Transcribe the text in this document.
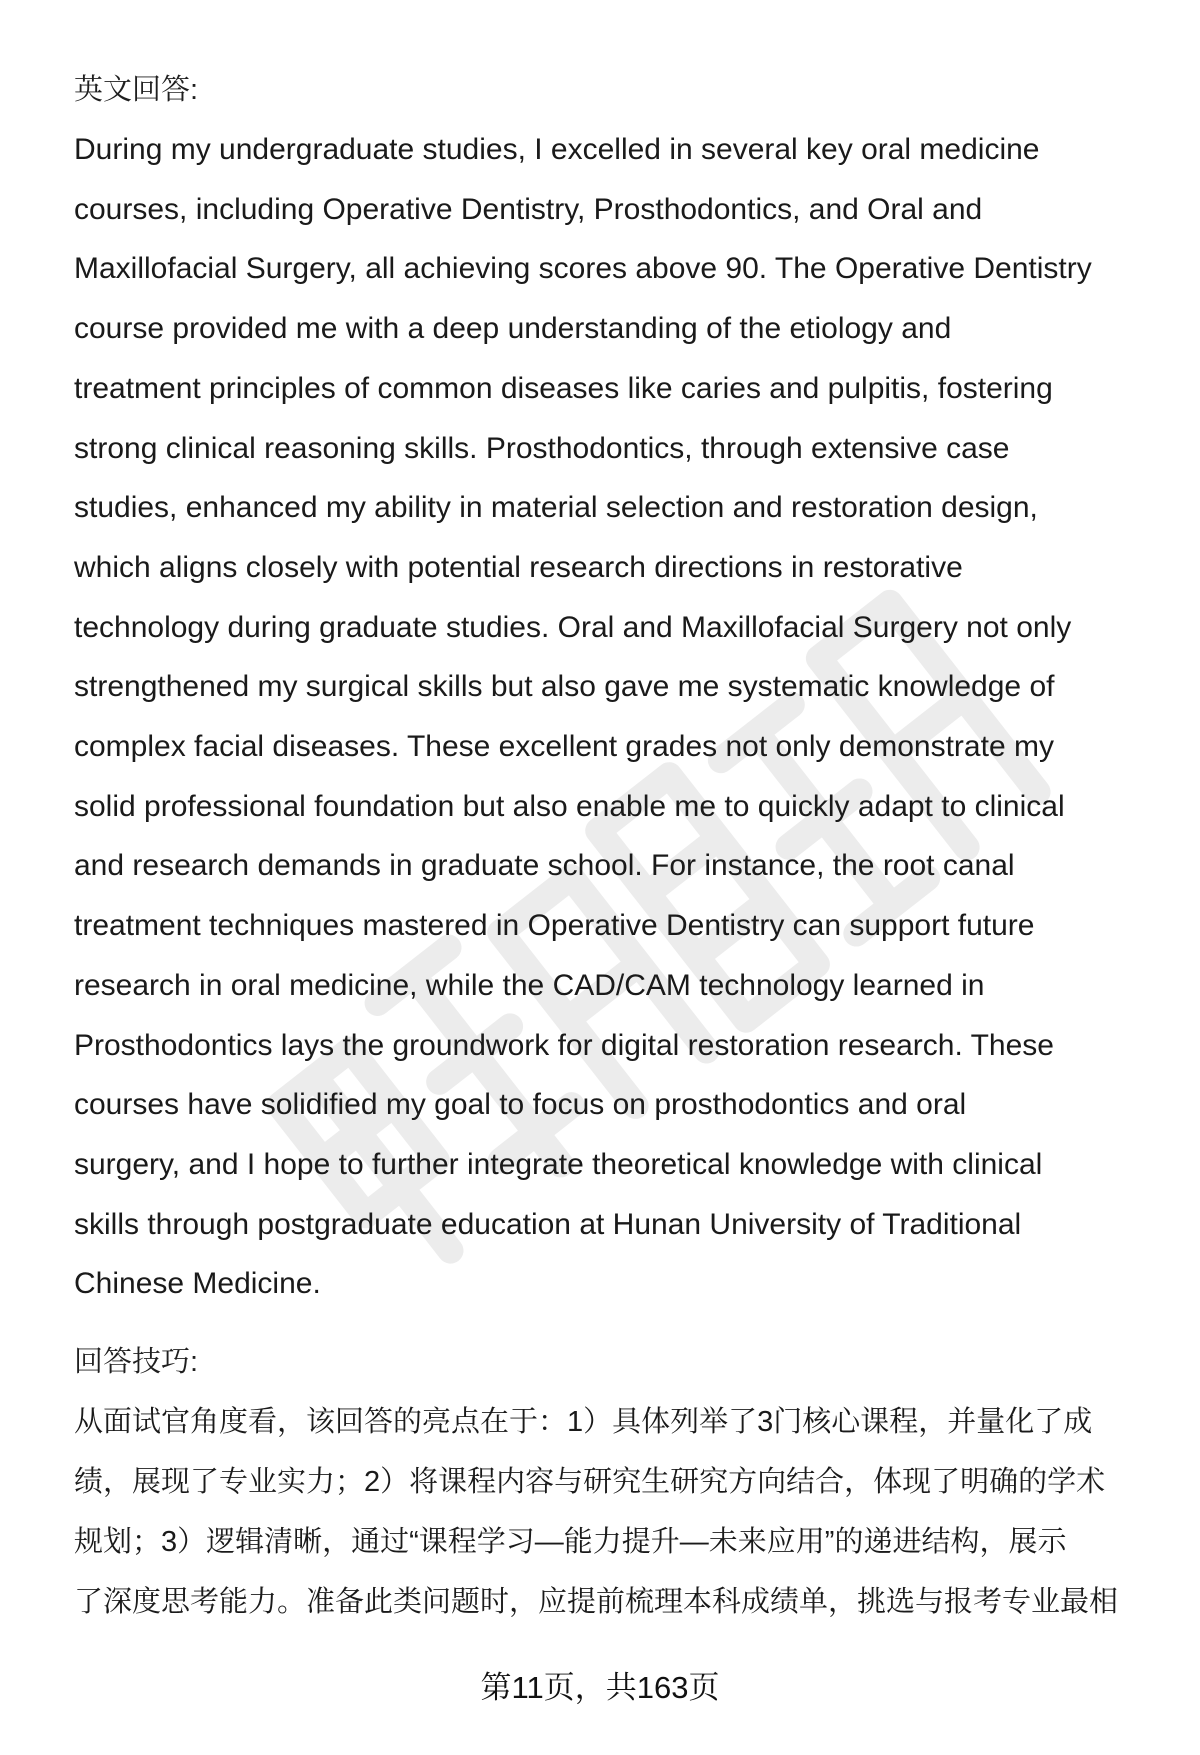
英文回答:

During my undergraduate studies, I excelled in several key oral medicine
courses, including Operative Dentistry, Prosthodontics, and Oral and
Maxillofacial Surgery, all achieving scores above 90. The Operative Dentistry
course provided me with a deep understanding of the etiology and
treatment principles of common diseases like caries and pulpitis, fostering
strong clinical reasoning skills. Prosthodontics, through extensive case
studies, enhanced my ability in material selection and restoration design,
which aligns closely with potential research directions in restorative
technology during graduate studies. Oral and Maxillofacial Surgery not only
strengthened my surgical skills but also gave me systematic knowledge of
complex facial diseases. These excellent grades not only demonstrate my
solid professional foundation but also enable me to quickly adapt to clinical
and research demands in graduate school. For instance, the root canal
treatment techniques mastered in Operative Dentistry can support future
research in oral medicine, while the CAD/CAM technology learned in
Prosthodontics lays the groundwork for digital restoration research. These
courses have solidified my goal to focus on prosthodontics and oral
surgery, and I hope to further integrate theoretical knowledge with clinical
skills through postgraduate education at Hunan University of Traditional
Chinese Medicine.

回答技巧:

从面试官角度看，该回答的亮点在于：1）具体列举了3门核心课程，并量化了成
绩，展现了专业实力；2）将课程内容与研究生研究方向结合，体现了明确的学术
规划；3）逻辑清晰，通过“课程学习—能力提升—未来应用”的递进结构，展示
了深度思考能力。准备此类问题时，应提前梳理本科成绩单，挑选与报考专业最相

第11页，共163页
